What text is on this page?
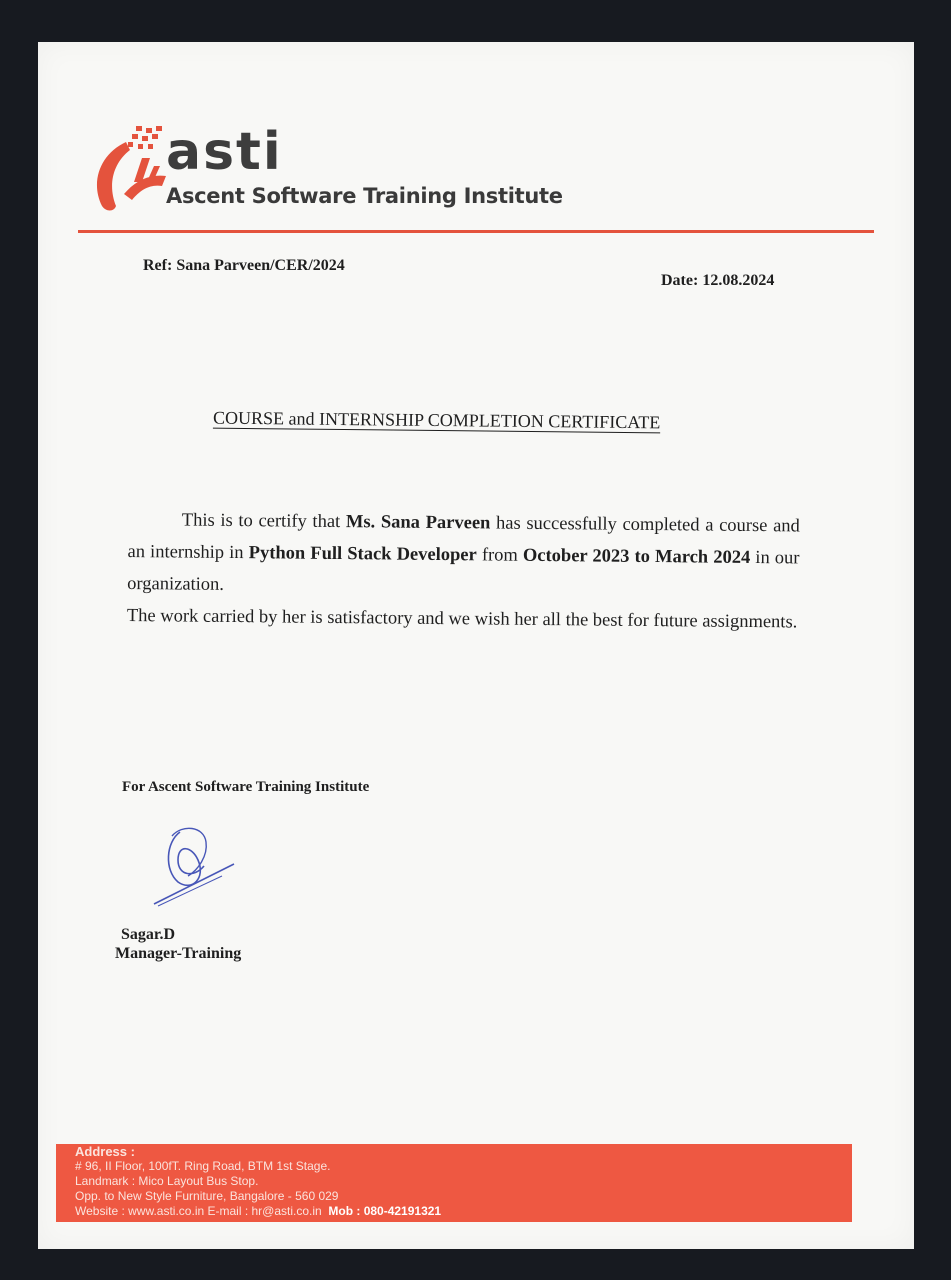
asti
Ascent Software Training Institute
Ref: Sana Parveen/CER/2024
Date: 12.08.2024
COURSE and INTERNSHIP COMPLETION CERTIFICATE

This is to certify that Ms. Sana Parveen has successfully completed a course and an internship in Python Full Stack Developer from October 2023 to March 2024 in our organization.

The work carried by her is satisfactory and we wish her all the best for future assignments.

For Ascent Software Training Institute
Sagar.D
Manager-Training
Address :
# 96, II Floor, 100fT. Ring Road, BTM 1st Stage.
Landmark : Mico Layout Bus Stop.
Opp. to New Style Furniture, Bangalore - 560 029
Website : www.asti.co.in E-mail : hr@asti.co.in Mob : 080-42191321
